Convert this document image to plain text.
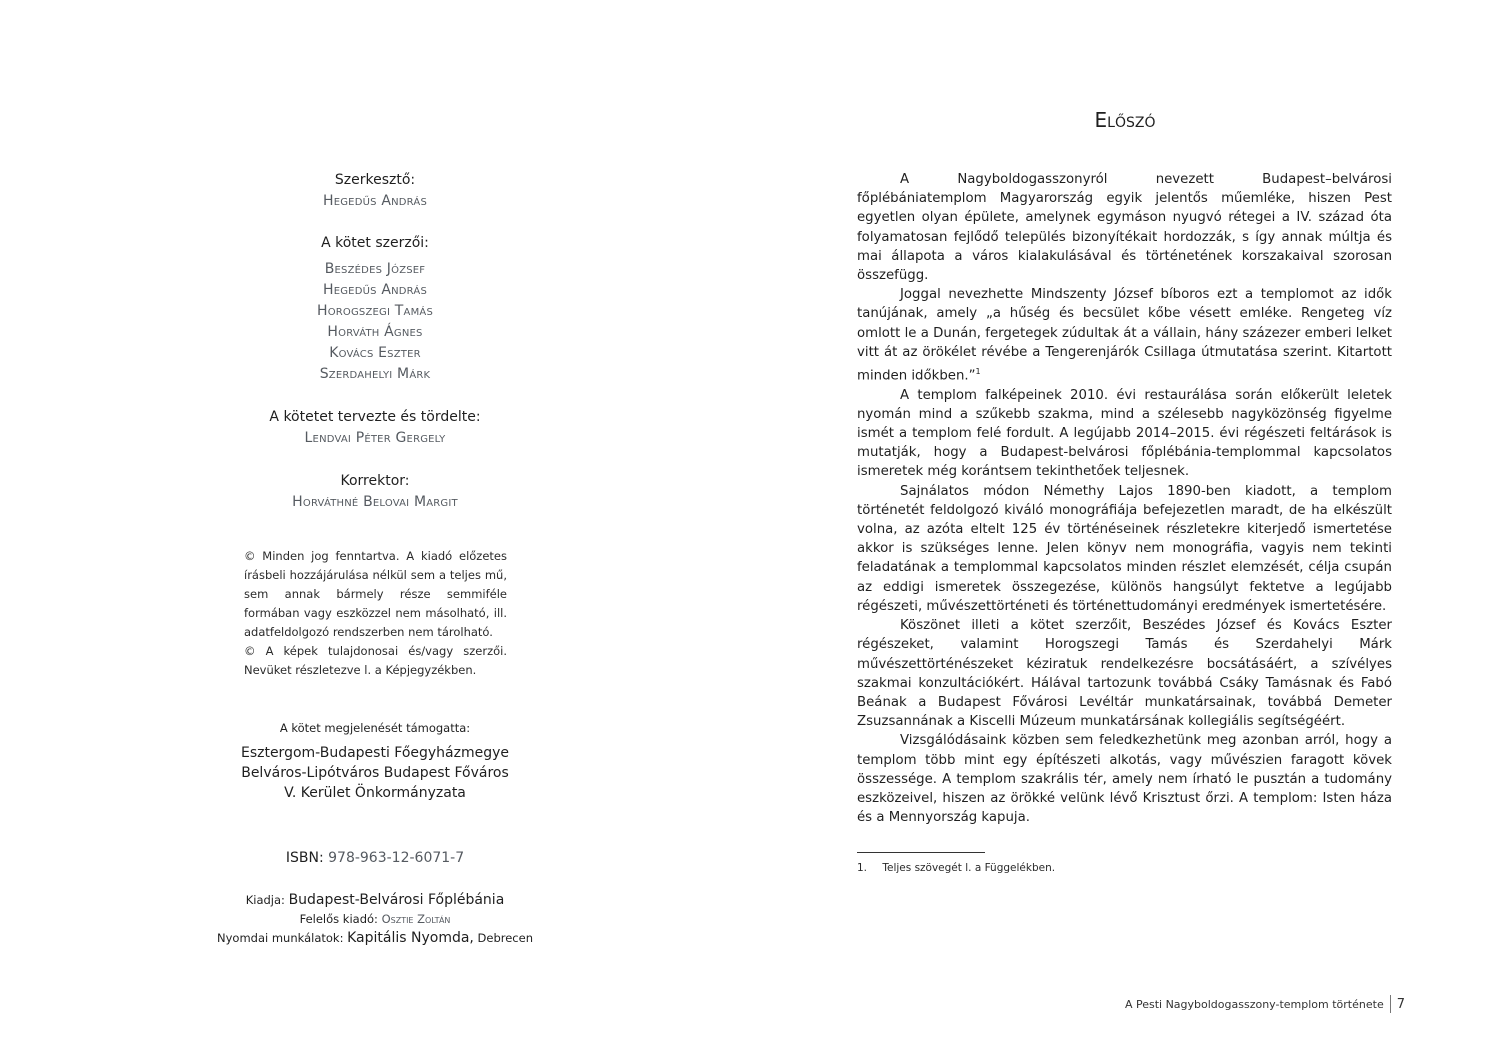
Szerkesztő:
Hegedűs András
A kötet szerzői:
Beszédes József
Hegedűs András
Horogszegi Tamás
Horváth Ágnes
Kovács Eszter
Szerdahelyi Márk
A kötetet tervezte és tördelte:
Lendvai Péter Gergely
Korrektor:
Horváthné Belovai Margit

© Minden jog fenntartva. A kiadó előzetes írásbeli hozzájárulása nélkül sem a teljes mű, sem annak bármely része semmiféle formában vagy eszközzel nem másolható, ill. adatfeldolgozó rendszerben nem tárolható.

© A képek tulajdonosai és/vagy szerzői. Nevüket részletezve l. a Képjegyzékben.

A kötet megjelenését támogatta:
Esztergom-Budapesti Főegyházmegye
Belváros-Lipótváros Budapest Főváros
V. Kerület Önkormányzata
ISBN: 978-963-12-6071-7
Kiadja: Budapest-Belvárosi Főplébánia
Felelős kiadó: Osztie Zoltán
Nyomdai munkálatok: Kapitális Nyomda, Debrecen
Előszó

A Nagyboldogasszonyról nevezett Budapest–belvárosi főplébániatemplom Magyarország egyik jelentős műemléke, hiszen Pest egyetlen olyan épülete, amelynek egymáson nyugvó rétegei a IV. század óta folyamatosan fejlődő település bizonyítékait hordozzák, s így annak múltja és mai állapota a város kialakulásával és történetének korszakaival szorosan összefügg.

Joggal nevezhette Mindszenty József bíboros ezt a templomot az idők tanújának, amely „a hűség és becsület kőbe vésett emléke. Rengeteg víz omlott le a Dunán, fergetegek zúdultak át a vállain, hány százezer emberi lelket vitt át az örökélet révébe a Tengerenjárók Csillaga útmutatása szerint. Kitartott minden időkben.”$^1$

A templom falképeinek 2010. évi restaurálása során előkerült leletek nyomán mind a szűkebb szakma, mind a szélesebb nagyközönség figyelme ismét a templom felé fordult. A legújabb 2014–2015. évi régészeti feltárások is mutatják, hogy a Budapest-belvárosi főplébánia-templommal kapcsolatos ismeretek még korántsem tekinthetőek teljesnek.

Sajnálatos módon Némethy Lajos 1890-ben kiadott, a templom történetét feldolgozó kiváló monográfiája befejezetlen maradt, de ha elkészült volna, az azóta eltelt 125 év történéseinek részletekre kiterjedő ismertetése akkor is szükséges lenne. Jelen könyv nem monográfia, vagyis nem tekinti feladatának a templommal kapcsolatos minden részlet elemzését, célja csupán az eddigi ismeretek összegezése, különös hangsúlyt fektetve a legújabb régészeti, művészettörténeti és történettudományi eredmények ismertetésére.

Köszönet illeti a kötet szerzőit, Beszédes József és Kovács Eszter régészeket, valamint Horogszegi Tamás és Szerdahelyi Márk művészettörténészeket kéziratuk rendelkezésre bocsátásáért, a szívélyes szakmai konzultációkért. Hálával tartozunk továbbá Csáky Tamásnak és Fabó Beának a Budapest Fővárosi Levéltár munkatársainak, továbbá Demeter Zsuzsannának a Kiscelli Múzeum munkatársának kollegiális segítségéért.

Vizsgálódásaink közben sem feledkezhetünk meg azonban arról, hogy a templom több mint egy építészeti alkotás, vagy művészien faragott kövek összessége. A templom szakrális tér, amely nem írható le pusztán a tudomány eszközeivel, hiszen az örökké velünk lévő Krisztust őrzi. A templom: Isten háza és a Mennyország kapuja.

1. Teljes szövegét l. a Függelékben.
A Pesti Nagyboldogasszony-templom története 7
